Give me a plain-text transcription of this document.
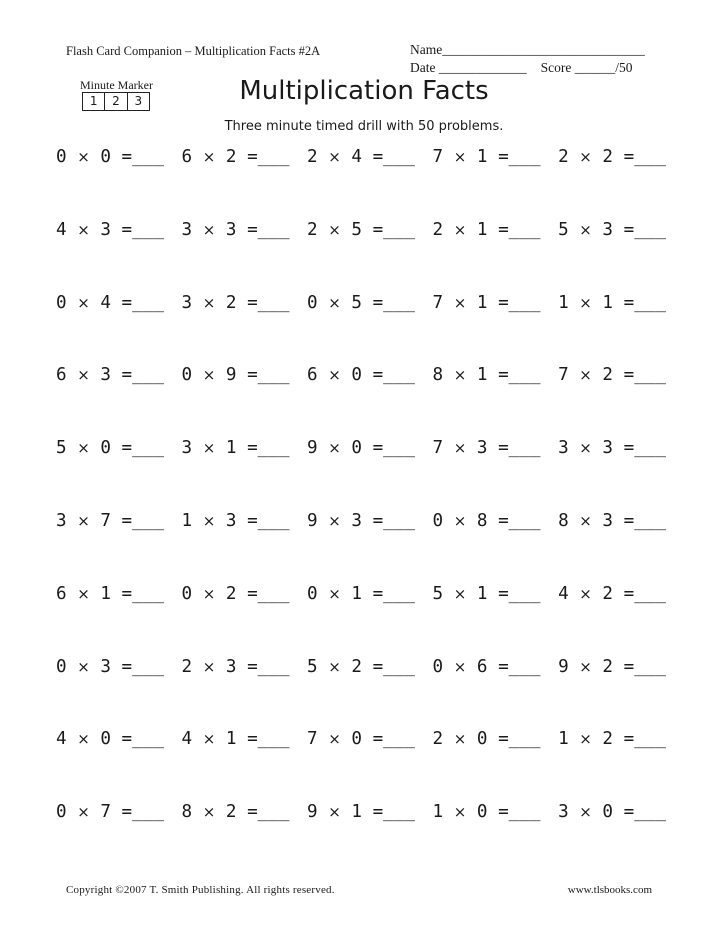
Flash Card Companion – Multiplication Facts #2A	Name______________________________
Date _____________ Score ______/50
Minute Marker
1	2	3	Multiplication Facts
Three minute timed drill with 50 problems.
0 × 0 =___ 6 × 2 =___ 2 × 4 =___ 7 × 1 =___ 2 × 2 =___
4 × 3 =___ 3 × 3 =___ 2 × 5 =___ 2 × 1 =___ 5 × 3 =___
0 × 4 =___ 3 × 2 =___ 0 × 5 =___ 7 × 1 =___ 1 × 1 =___
6 × 3 =___ 0 × 9 =___ 6 × 0 =___ 8 × 1 =___ 7 × 2 =___
5 × 0 =___ 3 × 1 =___ 9 × 0 =___ 7 × 3 =___ 3 × 3 =___
3 × 7 =___ 1 × 3 =___ 9 × 3 =___ 0 × 8 =___ 8 × 3 =___
6 × 1 =___ 0 × 2 =___ 0 × 1 =___ 5 × 1 =___ 4 × 2 =___
0 × 3 =___ 2 × 3 =___ 5 × 2 =___ 0 × 6 =___ 9 × 2 =___
4 × 0 =___ 4 × 1 =___ 7 × 0 =___ 2 × 0 =___ 1 × 2 =___
0 × 7 =___ 8 × 2 =___ 9 × 1 =___ 1 × 0 =___ 3 × 0 =___
Copyright ©2007 T. Smith Publishing. All rights reserved.	www.tlsbooks.com
